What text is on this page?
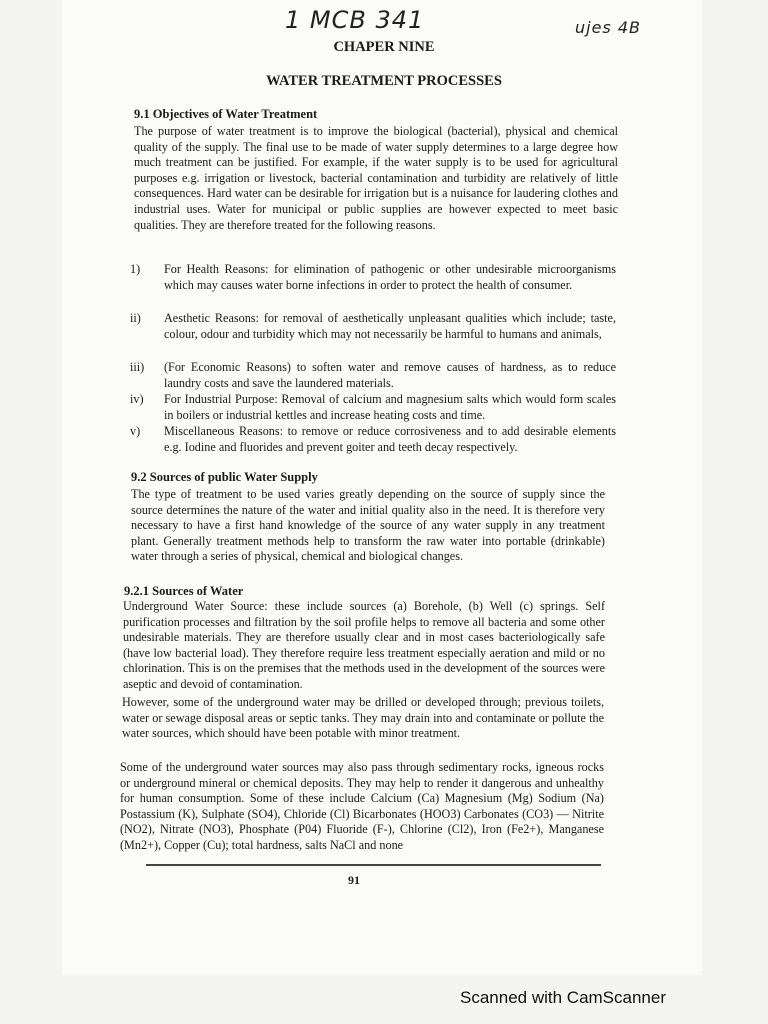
1 MCB 341	ujes 4B
CHAPER NINE
WATER TREATMENT PROCESSES
9.1 Objectives of Water Treatment

The purpose of water treatment is to improve the biological (bacterial), physical and chemical quality of the supply. The final use to be made of water supply determines to a large degree how much treatment can be justified. For example, if the water supply is to be used for agricultural purposes e.g. irrigation or livestock, bacterial contamination and turbidity are relatively of little consequences. Hard water can be desirable for irrigation but is a nuisance for laudering clothes and industrial uses. Water for municipal or public supplies are however expected to meet basic qualities. They are therefore treated for the following reasons.

1)	For Health Reasons: for elimination of pathogenic or other undesirable microorganisms which may causes water borne infections in order to protect the health of consumer.
ii)	Aesthetic Reasons: for removal of aesthetically unpleasant qualities which include; taste, colour, odour and turbidity which may not necessarily be harmful to humans and animals,
iii)	(For Economic Reasons) to soften water and remove causes of hardness, as to reduce laundry costs and save the laundered materials.
iv)	For Industrial Purpose: Removal of calcium and magnesium salts which would form scales in boilers or industrial kettles and increase heating costs and time.
v)	Miscellaneous Reasons: to remove or reduce corrosiveness and to add desirable elements e.g. Iodine and fluorides and prevent goiter and teeth decay respectively.
9.2 Sources of public Water Supply

The type of treatment to be used varies greatly depending on the source of supply since the source determines the nature of the water and initial quality also in the need. It is therefore very necessary to have a first hand knowledge of the source of any water supply in any treatment plant. Generally treatment methods help to transform the raw water into portable (drinkable) water through a series of physical, chemical and biological changes.

9.2.1 Sources of Water

Underground Water Source: these include sources (a) Borehole, (b) Well (c) springs. Self purification processes and filtration by the soil profile helps to remove all bacteria and some other undesirable materials. They are therefore usually clear and in most cases bacteriologically safe (have low bacterial load). They therefore require less treatment especially aeration and mild or no chlorination. This is on the premises that the methods used in the development of the sources were aseptic and devoid of contamination.

However, some of the underground water may be drilled or developed through; previous toilets, water or sewage disposal areas or septic tanks. They may drain into and contaminate or pollute the water sources, which should have been potable with minor treatment.

Some of the underground water sources may also pass through sedimentary rocks, igneous rocks or underground mineral or chemical deposits. They may help to render it dangerous and unhealthy for human consumption. Some of these include Calcium (Ca) Magnesium (Mg) Sodium (Na) Postassium (K), Sulphate (SO4), Chloride (Cl) Bicarbonates (HOO3) Carbonates (CO3) — Nitrite (NO2), Nitrate (NO3), Phosphate (P04) Fluoride (F-), Chlorine (Cl2), Iron (Fe2+), Manganese (Mn2+), Copper (Cu); total hardness, salts NaCl and none

91
Scanned with CamScanner
